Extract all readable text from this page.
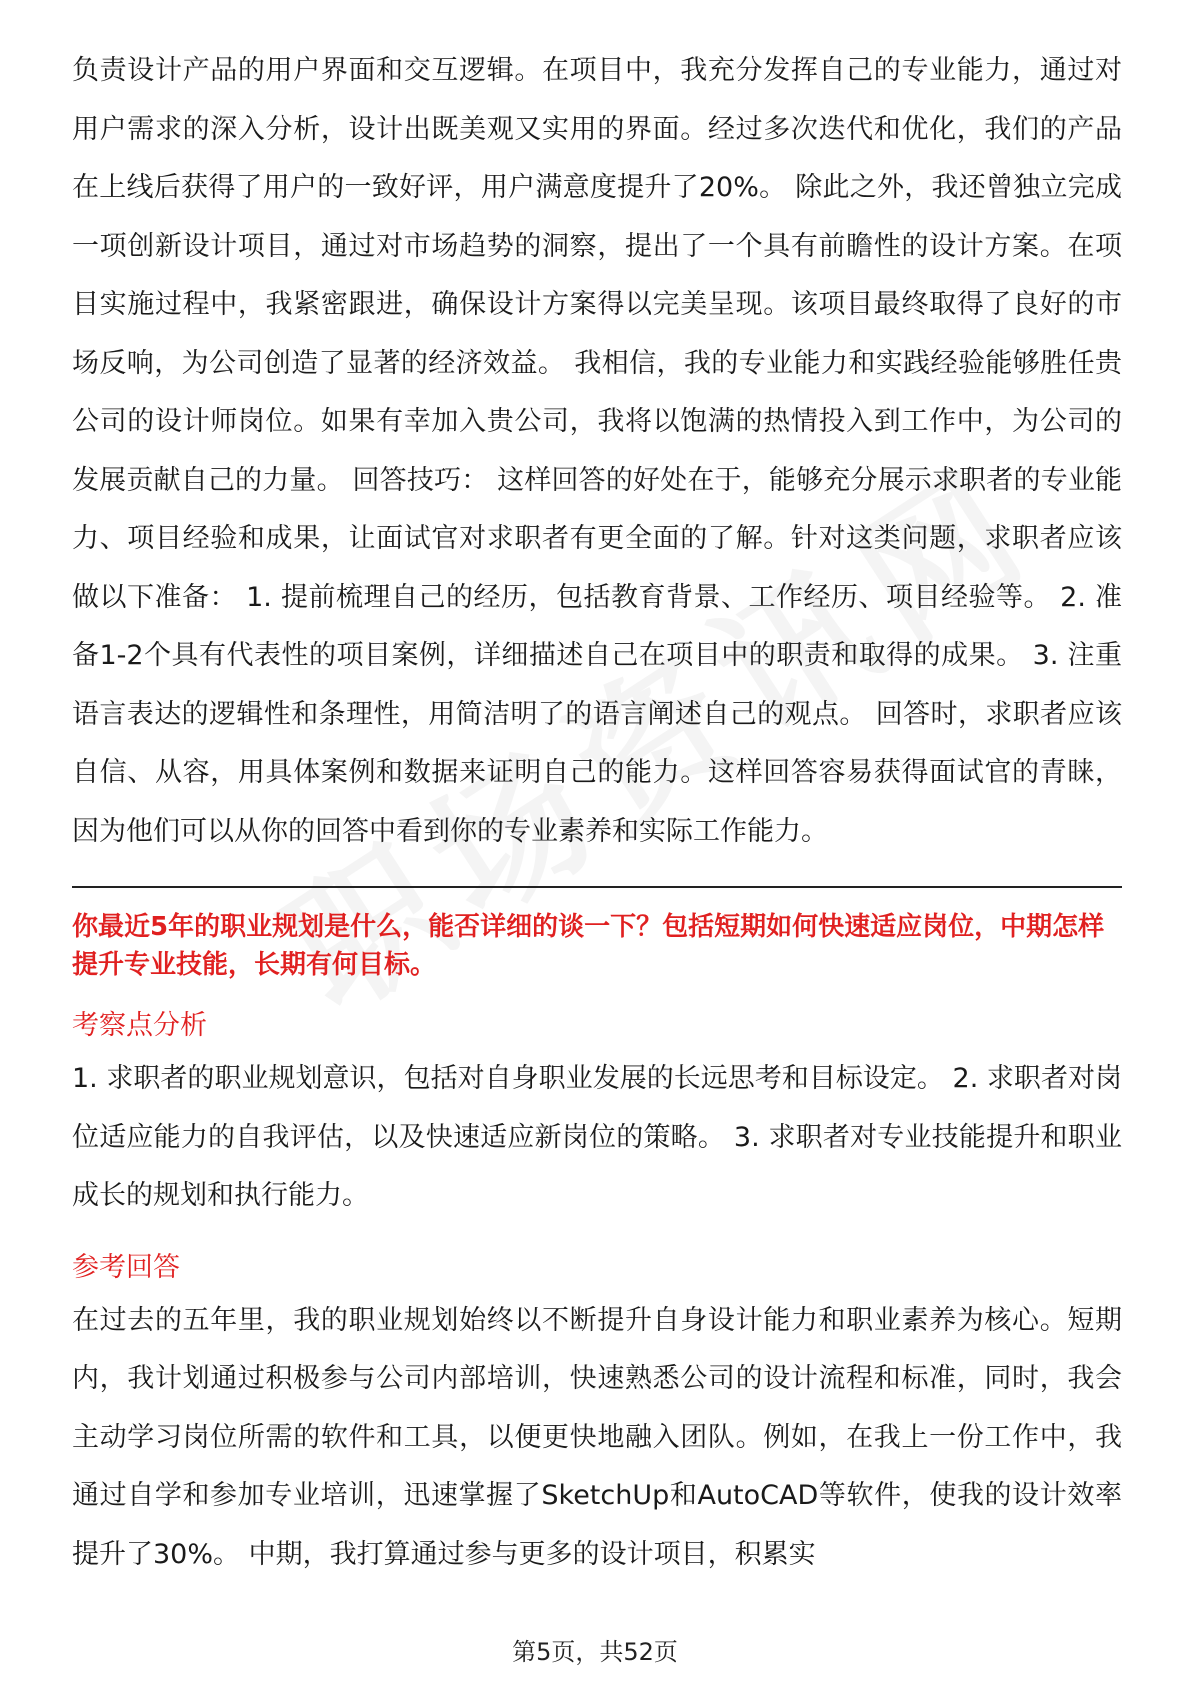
负责设计产品的用户界面和交互逻辑。在项目中，我充分发挥自己的专业能力，通过对用户需求的深入分析，设计出既美观又实用的界面。经过多次迭代和优化，我们的产品在上线后获得了用户的一致好评，用户满意度提升了20%。 除此之外，我还曾独立完成一项创新设计项目，通过对市场趋势的洞察，提出了一个具有前瞻性的设计方案。在项目实施过程中，我紧密跟进，确保设计方案得以完美呈现。该项目最终取得了良好的市场反响，为公司创造了显著的经济效益。 我相信，我的专业能力和实践经验能够胜任贵公司的设计师岗位。如果有幸加入贵公司，我将以饱满的热情投入到工作中，为公司的发展贡献自己的力量。 回答技巧： 这样回答的好处在于，能够充分展示求职者的专业能力、项目经验和成果，让面试官对求职者有更全面的了解。针对这类问题，求职者应该做以下准备： 1. 提前梳理自己的经历，包括教育背景、工作经历、项目经验等。 2. 准备1-2个具有代表性的项目案例，详细描述自己在项目中的职责和取得的成果。 3. 注重语言表达的逻辑性和条理性，用简洁明了的语言阐述自己的观点。 回答时，求职者应该自信、从容，用具体案例和数据来证明自己的能力。这样回答容易获得面试官的青睐，因为他们可以从你的回答中看到你的专业素养和实际工作能力。

你最近5年的职业规划是什么，能否详细的谈一下？包括短期如何快速适应岗位，中期怎样提升专业技能，长期有何目标。

考察点分析

1. 求职者的职业规划意识，包括对自身职业发展的长远思考和目标设定。 2. 求职者对岗位适应能力的自我评估，以及快速适应新岗位的策略。 3. 求职者对专业技能提升和职业成长的规划和执行能力。

参考回答

在过去的五年里，我的职业规划始终以不断提升自身设计能力和职业素养为核心。短期内，我计划通过积极参与公司内部培训，快速熟悉公司的设计流程和标准，同时，我会主动学习岗位所需的软件和工具，以便更快地融入团队。例如，在我上一份工作中，我通过自学和参加专业培训，迅速掌握了SketchUp和AutoCAD等软件，使我的设计效率提升了30%。 中期，我打算通过参与更多的设计项目，积累实

第5页，共52页
